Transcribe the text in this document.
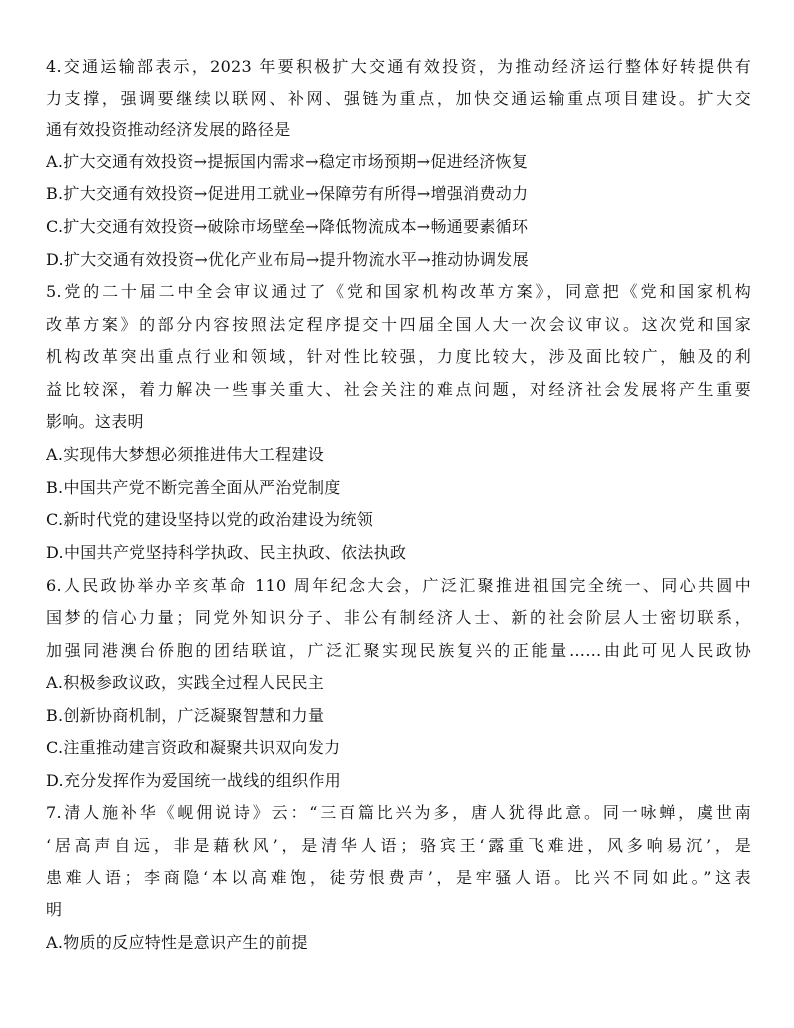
4.交通运输部表示，2023 年要积极扩大交通有效投资，为推动经济运行整体好转提供有
力支撑，强调要继续以联网、补网、强链为重点，加快交通运输重点项目建设。扩大交
通有效投资推动经济发展的路径是
A.扩大交通有效投资→提振国内需求→稳定市场预期→促进经济恢复
B.扩大交通有效投资→促进用工就业→保障劳有所得→增强消费动力
C.扩大交通有效投资→破除市场壁垒→降低物流成本→畅通要素循环
D.扩大交通有效投资→优化产业布局→提升物流水平→推动协调发展
5.党的二十届二中全会审议通过了《党和国家机构改革方案》，同意把《党和国家机构
改革方案》的部分内容按照法定程序提交十四届全国人大一次会议审议。这次党和国家
机构改革突出重点行业和领域，针对性比较强，力度比较大，涉及面比较广，触及的利
益比较深，着力解决一些事关重大、社会关注的难点问题，对经济社会发展将产生重要
影响。这表明
A.实现伟大梦想必须推进伟大工程建设
B.中国共产党不断完善全面从严治党制度
C.新时代党的建设坚持以党的政治建设为统领
D.中国共产党坚持科学执政、民主执政、依法执政
6.人民政协举办辛亥革命 110 周年纪念大会，广泛汇聚推进祖国完全统一、同心共圆中
国梦的信心力量；同党外知识分子、非公有制经济人士、新的社会阶层人士密切联系，
加强同港澳台侨胞的团结联谊，广泛汇聚实现民族复兴的正能量……由此可见人民政协
A.积极参政议政，实践全过程人民民主
B.创新协商机制，广泛凝聚智慧和力量
C.注重推动建言资政和凝聚共识双向发力
D.充分发挥作为爱国统一战线的组织作用
7.清人施补华《岘佣说诗》云：“三百篇比兴为多，唐人犹得此意。同一咏蝉，虞世南
‘居高声自远，非是藉秋风’，是清华人语；骆宾王‘露重飞难进，风多响易沉’，是
患难人语；李商隐‘本以高难饱，徒劳恨费声’，是牢骚人语。比兴不同如此。”这表
明
A.物质的反应特性是意识产生的前提
